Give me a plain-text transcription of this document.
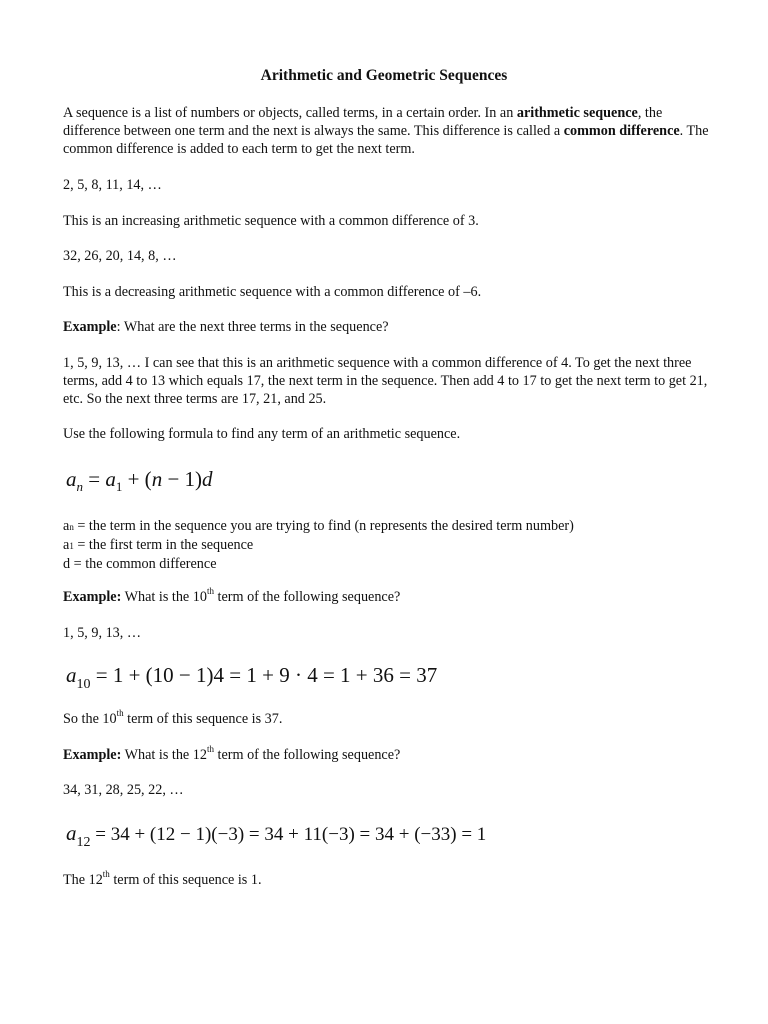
Arithmetic and Geometric Sequences

A sequence is a list of numbers or objects, called terms, in a certain order. In an arithmetic sequence, the difference between one term and the next is always the same. This difference is called a common difference. The common difference is added to each term to get the next term.

2, 5, 8, 11, 14, …

This is an increasing arithmetic sequence with a common difference of 3.

32, 26, 20, 14, 8, …

This is a decreasing arithmetic sequence with a common difference of –6.

Example: What are the next three terms in the sequence?

1, 5, 9, 13, … I can see that this is an arithmetic sequence with a common difference of 4. To get the next three terms, add 4 to 13 which equals 17, the next term in the sequence. Then add 4 to 17 to get the next term to get 21, etc. So the next three terms are 17, 21, and 25.

Use the following formula to find any term of an arithmetic sequence.

$a_n = a_1 + (n - 1)d$

an = the term in the sequence you are trying to find (n represents the desired term number)
a1 = the first term in the sequence
d = the common difference

Example: What is the 10th term of the following sequence?

1, 5, 9, 13, …

$a_{10} = 1 + (10 - 1)4 = 1 + 9 \cdot 4 = 1 + 36 = 37$

So the 10th term of this sequence is 37.

Example: What is the 12th term of the following sequence?

34, 31, 28, 25, 22, …

$a_{12} = 34 + (12 - 1)(-3) = 34 + 11(-3) = 34 + (-33) = 1$

The 12th term of this sequence is 1.
